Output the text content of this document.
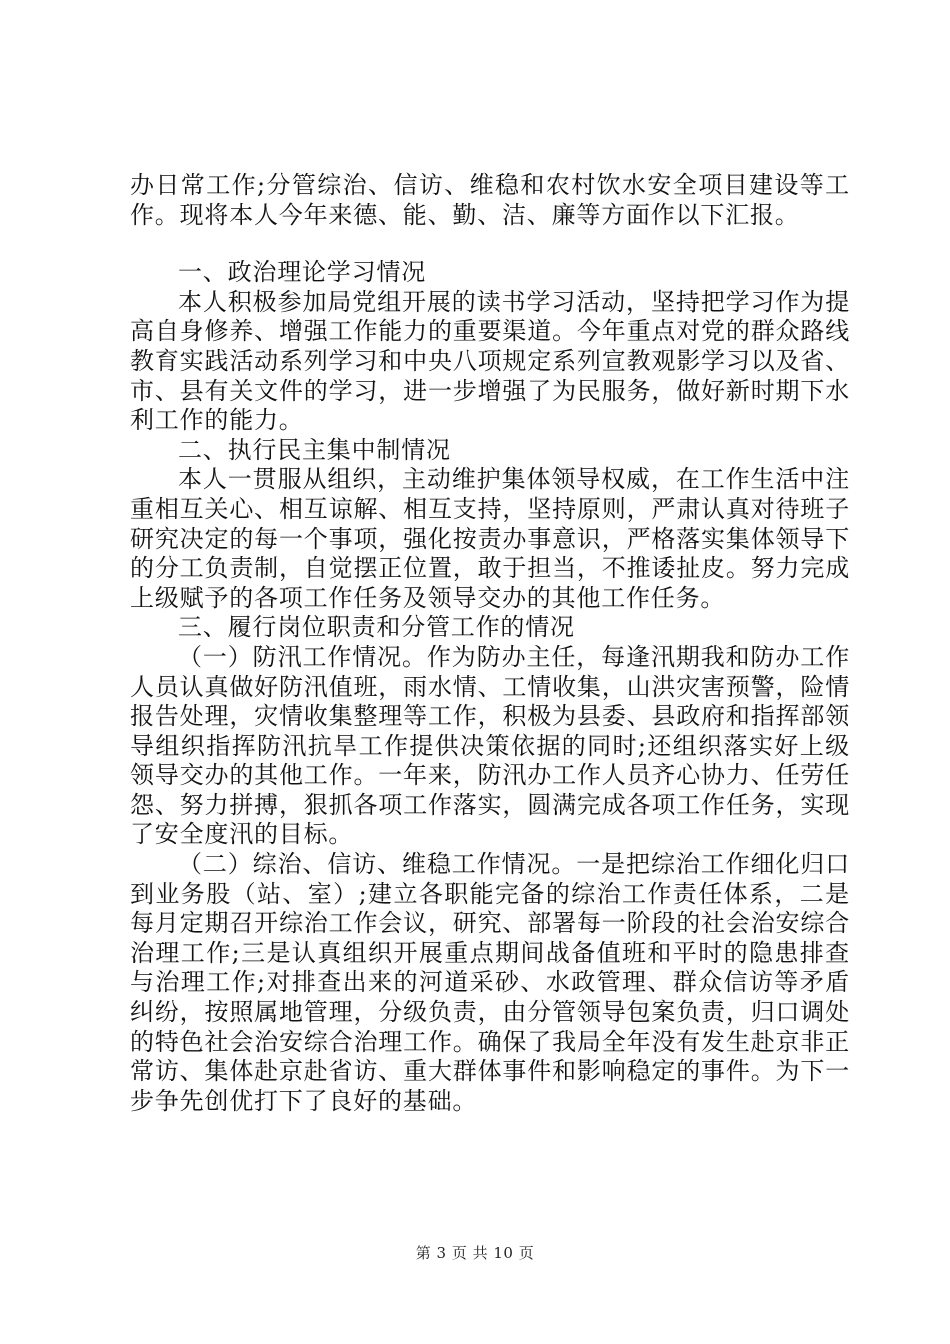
办日常工作;分管综治、信访、维稳和农村饮水安全项目建设等工作。现将本人今年来德、能、勤、洁、廉等方面作以下汇报。

一、政治理论学习情况

本人积极参加局党组开展的读书学习活动，坚持把学习作为提高自身修养、增强工作能力的重要渠道。今年重点对党的群众路线教育实践活动系列学习和中央八项规定系列宣教观影学习以及省、市、县有关文件的学习，进一步增强了为民服务，做好新时期下水利工作的能力。

二、执行民主集中制情况

本人一贯服从组织，主动维护集体领导权威，在工作生活中注重相互关心、相互谅解、相互支持，坚持原则，严肃认真对待班子研究决定的每一个事项，强化按责办事意识，严格落实集体领导下的分工负责制，自觉摆正位置，敢于担当，不推诿扯皮。努力完成上级赋予的各项工作任务及领导交办的其他工作任务。

三、履行岗位职责和分管工作的情况

（一）防汛工作情况。作为防办主任，每逢汛期我和防办工作人员认真做好防汛值班，雨水情、工情收集，山洪灾害预警，险情报告处理，灾情收集整理等工作，积极为县委、县政府和指挥部领导组织指挥防汛抗旱工作提供决策依据的同时;还组织落实好上级领导交办的其他工作。一年来，防汛办工作人员齐心协力、任劳任怨、努力拼搏，狠抓各项工作落实，圆满完成各项工作任务，实现了安全度汛的目标。

（二）综治、信访、维稳工作情况。一是把综治工作细化归口到业务股（站、室）;建立各职能完备的综治工作责任体系，二是每月定期召开综治工作会议，研究、部署每一阶段的社会治安综合治理工作;三是认真组织开展重点期间战备值班和平时的隐患排查与治理工作;对排查出来的河道采砂、水政管理、群众信访等矛盾纠纷，按照属地管理，分级负责，由分管领导包案负责，归口调处的特色社会治安综合治理工作。确保了我局全年没有发生赴京非正常访、集体赴京赴省访、重大群体事件和影响稳定的事件。为下一步争先创优打下了良好的基础。

第 3 页 共 10 页
